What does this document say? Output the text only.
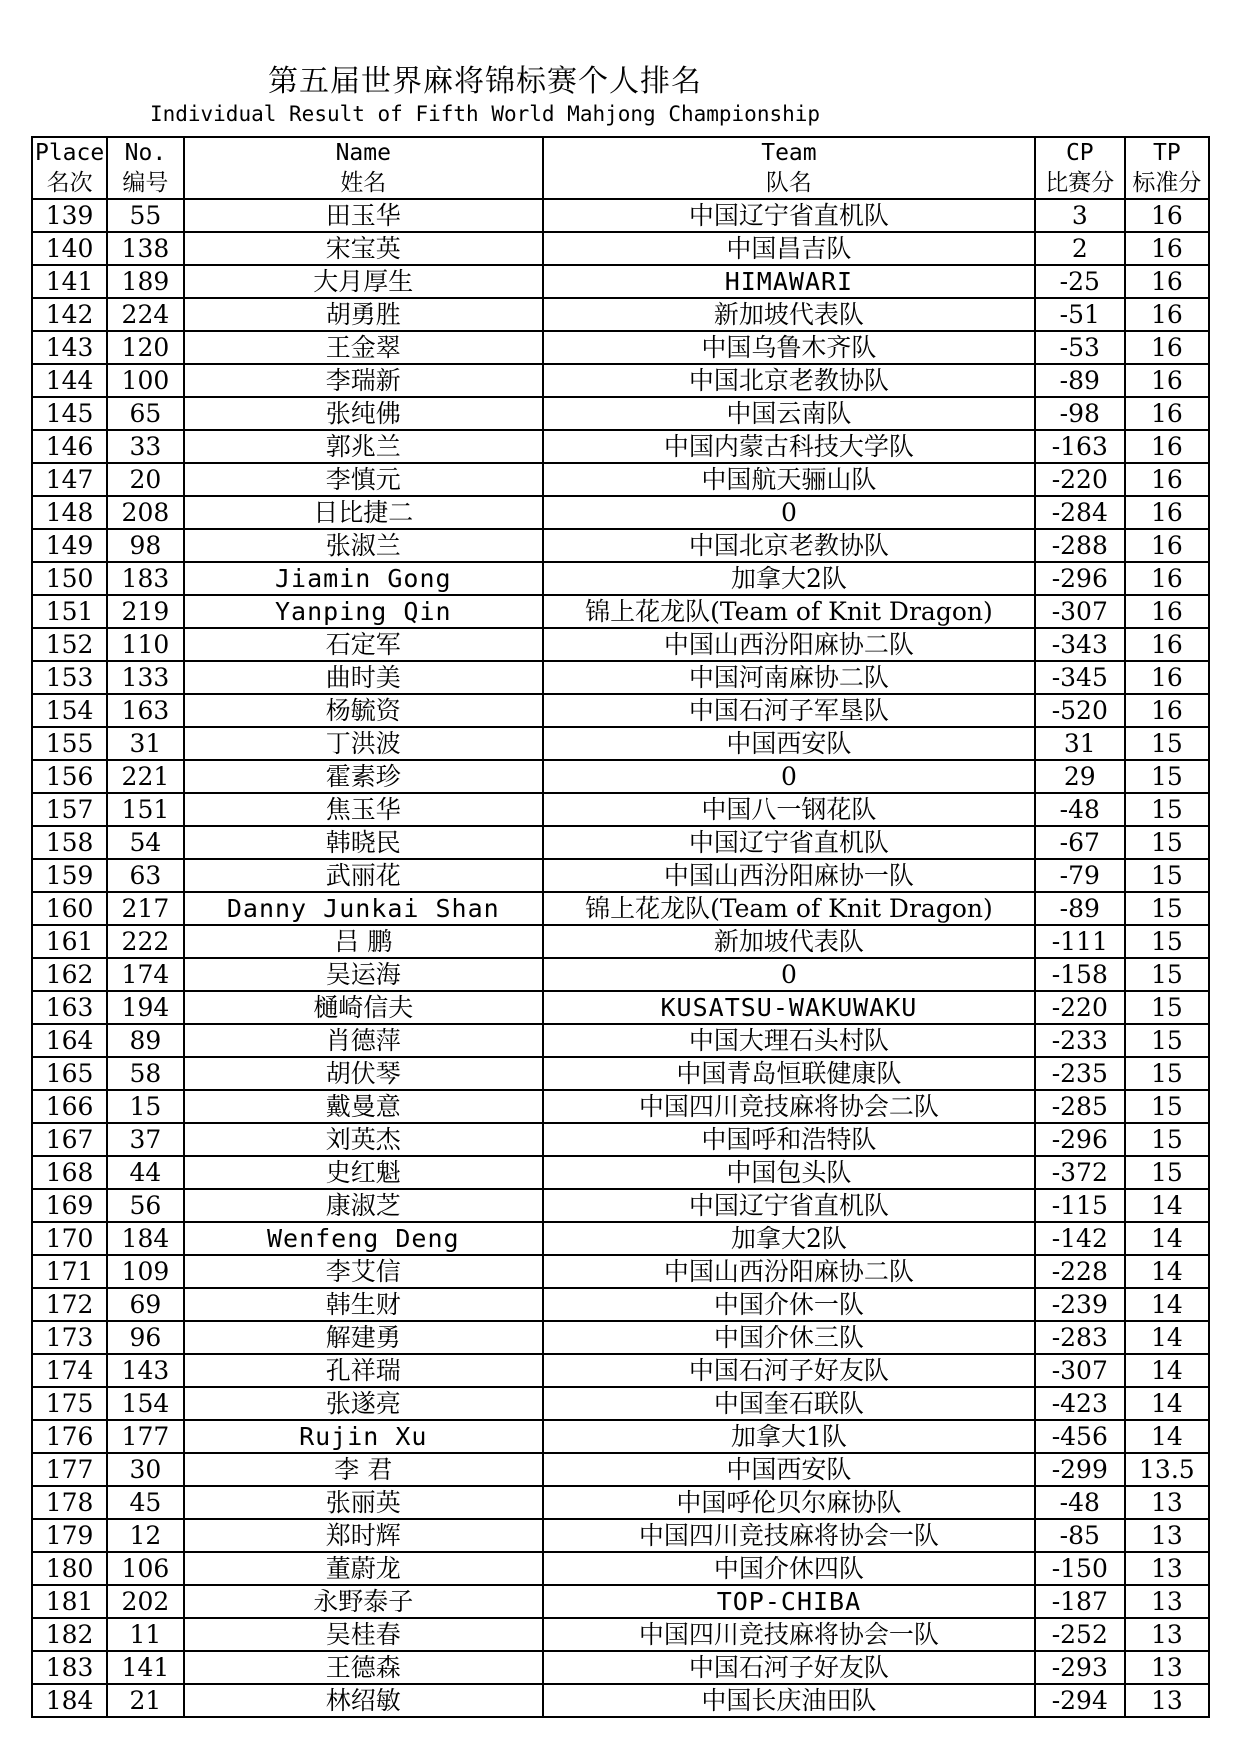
第五届世界麻将锦标赛个人排名
Individual Result of Fifth World Mahjong Championship
Place	No.	Name	Team	CP	TP
名次	编号	姓名	队名	比赛分	标准分
139	55	田玉华	中国辽宁省直机队	3	16
140	138	宋宝英	中国昌吉队	2	16
141	189	大月厚生	HIMAWARI	-25	16
142	224	胡勇胜	新加坡代表队	-51	16
143	120	王金翠	中国乌鲁木齐队	-53	16
144	100	李瑞新	中国北京老教协队	-89	16
145	65	张纯佛	中国云南队	-98	16
146	33	郭兆兰	中国内蒙古科技大学队	-163	16
147	20	李慎元	中国航天骊山队	-220	16
148	208	日比捷二	0	-284	16
149	98	张淑兰	中国北京老教协队	-288	16
150	183	Jiamin Gong	加拿大2队	-296	16
151	219	Yanping Qin	锦上花龙队(Team of Knit Dragon)	-307	16
152	110	石定军	中国山西汾阳麻协二队	-343	16
153	133	曲时美	中国河南麻协二队	-345	16
154	163	杨毓资	中国石河子军垦队	-520	16
155	31	丁洪波	中国西安队	31	15
156	221	霍素珍	0	29	15
157	151	焦玉华	中国八一钢花队	-48	15
158	54	韩晓民	中国辽宁省直机队	-67	15
159	63	武丽花	中国山西汾阳麻协一队	-79	15
160	217	Danny Junkai Shan	锦上花龙队(Team of Knit Dragon)	-89	15
161	222	吕 鹏	新加坡代表队	-111	15
162	174	吴运海	0	-158	15
163	194	樋崎信夫	KUSATSU-WAKUWAKU	-220	15
164	89	肖德萍	中国大理石头村队	-233	15
165	58	胡伏琴	中国青岛恒联健康队	-235	15
166	15	戴曼意	中国四川竞技麻将协会二队	-285	15
167	37	刘英杰	中国呼和浩特队	-296	15
168	44	史红魁	中国包头队	-372	15
169	56	康淑芝	中国辽宁省直机队	-115	14
170	184	Wenfeng Deng	加拿大2队	-142	14
171	109	李艾信	中国山西汾阳麻协二队	-228	14
172	69	韩生财	中国介休一队	-239	14
173	96	解建勇	中国介休三队	-283	14
174	143	孔祥瑞	中国石河子好友队	-307	14
175	154	张遂亮	中国奎石联队	-423	14
176	177	Rujin Xu	加拿大1队	-456	14
177	30	李 君	中国西安队	-299	13.5
178	45	张丽英	中国呼伦贝尔麻协队	-48	13
179	12	郑时辉	中国四川竞技麻将协会一队	-85	13
180	106	董蔚龙	中国介休四队	-150	13
181	202	永野泰子	TOP-CHIBA	-187	13
182	11	吴桂春	中国四川竞技麻将协会一队	-252	13
183	141	王德森	中国石河子好友队	-293	13
184	21	林绍敏	中国长庆油田队	-294	13
